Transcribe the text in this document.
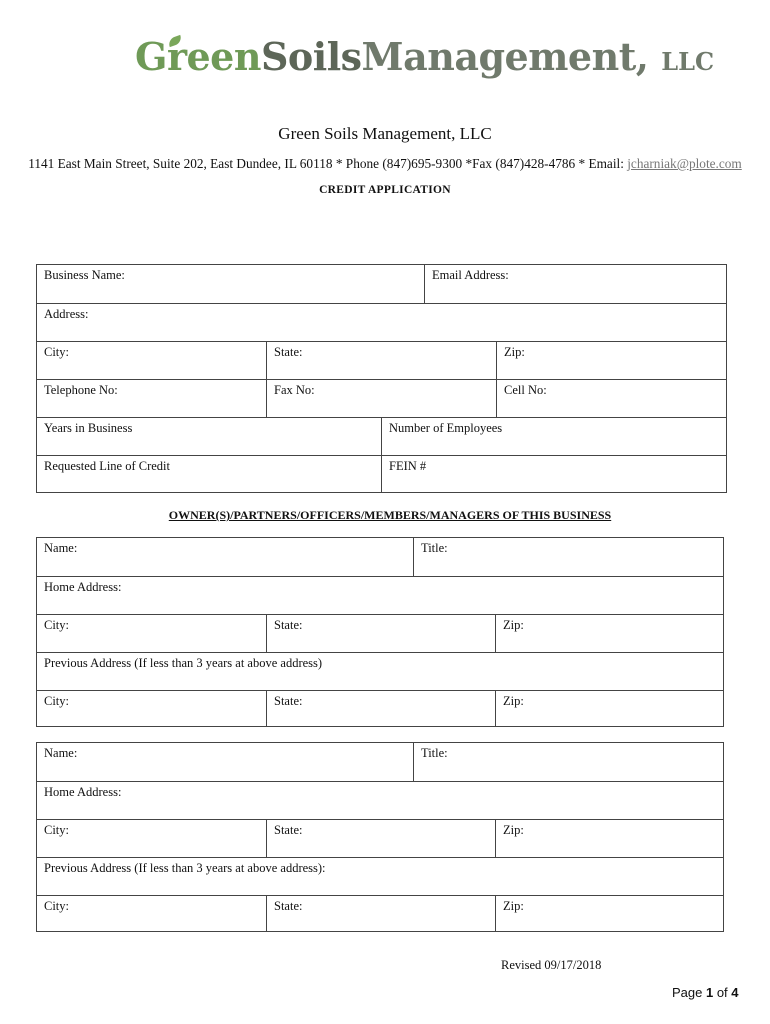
GreenSoilsManagement, LLC
Green Soils Management, LLC
1141 East Main Street, Suite 202, East Dundee, IL 60118 * Phone (847)695-9300 *Fax (847)428-4786 * Email: jcharniak@plote.com
CREDIT APPLICATION
Business Name:	Email Address:
Address:
City:	State:	Zip:
Telephone No:	Fax No:	Cell No:
Years in Business	Number of Employees
Requested Line of Credit	FEIN #
OWNER(S)/PARTNERS/OFFICERS/MEMBERS/MANAGERS OF THIS BUSINESS
Name:	Title:
Home Address:
City:	State:	Zip:
Previous Address (If less than 3 years at above address)
City:	State:	Zip:
Name:	Title:
Home Address:
City:	State:	Zip:
Previous Address (If less than 3 years at above address):
City:	State:	Zip:
Revised 09/17/2018
Page 1 of 4
